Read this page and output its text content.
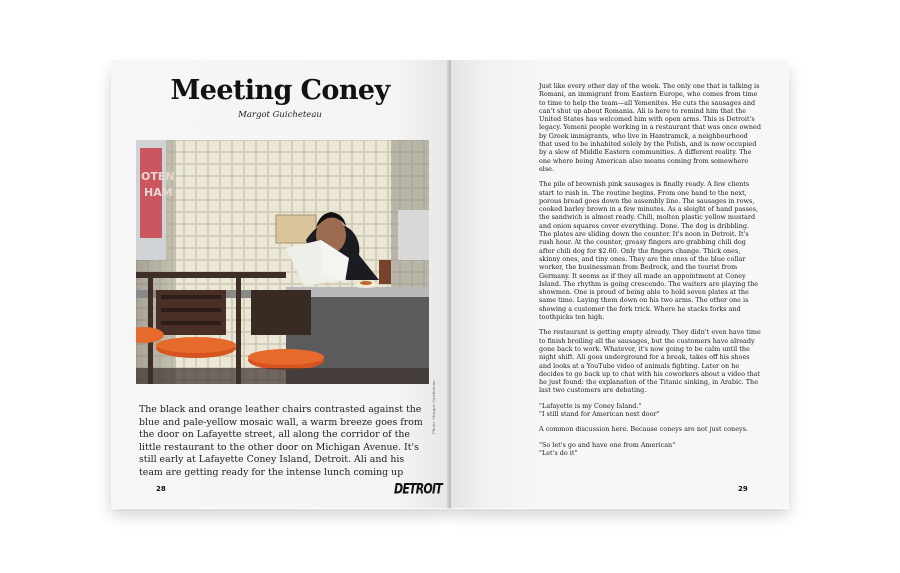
Meeting Coney
Margot Guicheteau
OTEN HAM
The black and orange leather chairs contrasted against the blue and pale-yellow mosaic wall, a warm breeze goes from the door on Lafayette street, all along the corridor of the little restaurant to the other door on Michigan Avenue. It's still early at Lafayette Coney Island, Detroit. Ali and his team are getting ready for the intense lunch coming up
Photo: Margot Guicheteau
28	DETROIT

Just like every other day of the week. The only one that is talking is Romani, an immigrant from Eastern Europe, who comes from time to time to help the team—all Yemenites. He cuts the sausages and can't shut up about Romania. Ali is here to remind him that the United States has welcomed him with open arms. This is Detroit's legacy. Yemeni people working in a restaurant that was once owned by Greek immigrants, who live in Hamtramck, a neighbourhood that used to be inhabited solely by the Polish, and is now occupied by a slew of Middle Eastern communities. A different reality. The one where being American also means coming from somewhere else.

The pile of brownish pink sausages is finally ready. A few clients start to rush in. The routine begins. From one hand to the next, porous bread goes down the assembly line. The sausages in rows, cooked barley brown in a few minutes. As a sleight of hand passes, the sandwich is almost ready. Chili, molten plastic yellow mustard and onion squares cover everything. Done. The dog is dribbling. The plates are sliding down the counter. It's noon in Detroit. It's rush hour. At the counter, greasy fingers are grabbing chili dog after chili dog for $2.60. Only the fingers change. Thick ones, skinny ones, and tiny ones. They are the ones of the blue collar worker, the businessman from Bedrock, and the tourist from Germany. It seems as if they all made an appointment at Coney Island. The rhythm is going crescendo. The waiters are playing the showmen. One is proud of being able to hold seven plates at the same time. Laying them down on his two arms. The other one is showing a customer the fork trick. Where he stacks forks and toothpicks ten high.

The restaurant is getting empty already. They didn't even have time to finish broiling all the sausages, but the customers have already gone back to work. Whatever, it's now going to be calm until the night shift. Ali goes underground for a break, takes off his shoes and looks at a YouTube video of animals fighting. Later on he decides to go back up to chat with his coworkers about a video that he just found: the explanation of the Titanic sinking, in Arabic. The last two customers are debating.

"Lafayette is my Coney Island."

"I still stand for American next door"

A common discussion here. Because coneys are not just coneys.

"So let's go and have one from American"

"Let's do it"

29
